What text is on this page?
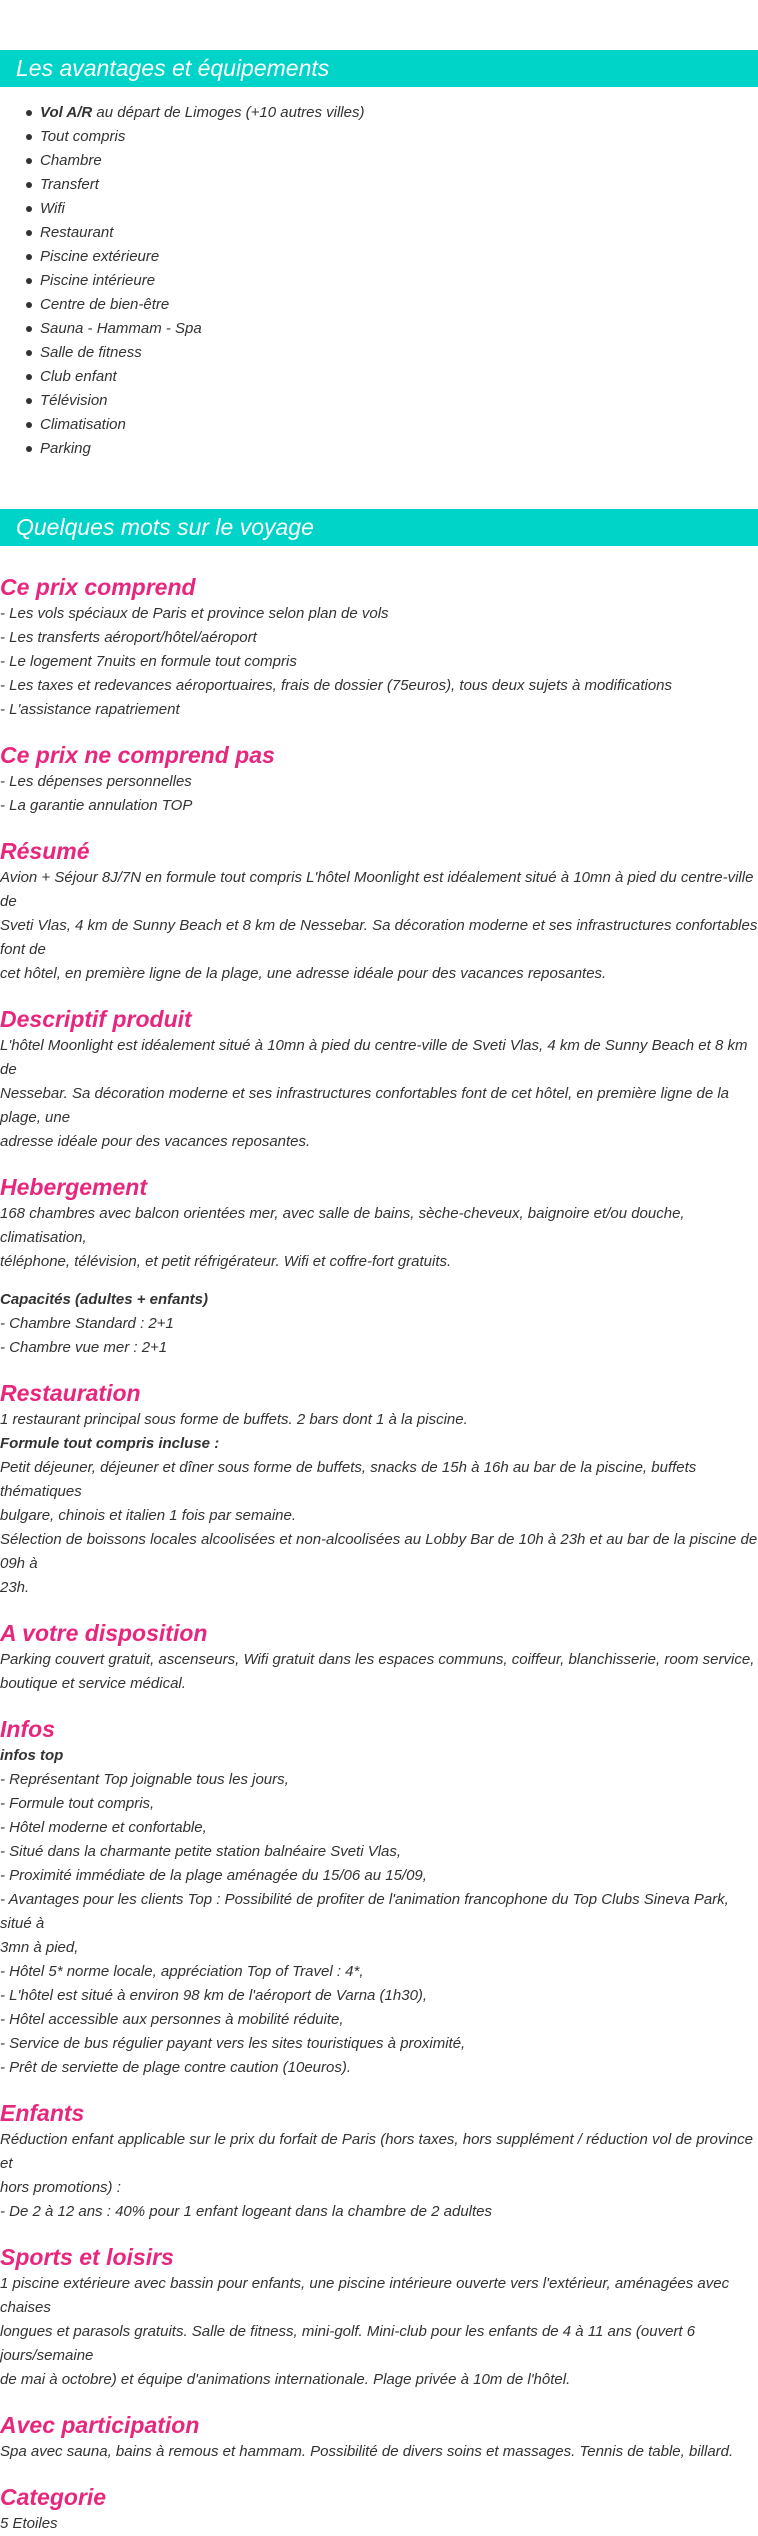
Les avantages et équipements
Vol A/R au départ de Limoges (+10 autres villes)
Tout compris
Chambre
Transfert
Wifi
Restaurant
Piscine extérieure
Piscine intérieure
Centre de bien-être
Sauna - Hammam - Spa
Salle de fitness
Club enfant
Télévision
Climatisation
Parking
Quelques mots sur le voyage
Ce prix comprend

- Les vols spéciaux de Paris et province selon plan de vols

- Les transferts aéroport/hôtel/aéroport

- Le logement 7nuits en formule tout compris

- Les taxes et redevances aéroportuaires, frais de dossier (75euros), tous deux sujets à modifications

- L'assistance rapatriement

Ce prix ne comprend pas

- Les dépenses personnelles

- La garantie annulation TOP

Résumé

Avion + Séjour 8J/7N en formule tout compris L'hôtel Moonlight est idéalement situé à 10mn à pied du centre-ville de

Sveti Vlas, 4 km de Sunny Beach et 8 km de Nessebar. Sa décoration moderne et ses infrastructures confortables font de

cet hôtel, en première ligne de la plage, une adresse idéale pour des vacances reposantes.

Descriptif produit

L'hôtel Moonlight est idéalement situé à 10mn à pied du centre-ville de Sveti Vlas, 4 km de Sunny Beach et 8 km de

Nessebar. Sa décoration moderne et ses infrastructures confortables font de cet hôtel, en première ligne de la plage, une

adresse idéale pour des vacances reposantes.

Hebergement

168 chambres avec balcon orientées mer, avec salle de bains, sèche-cheveux, baignoire et/ou douche, climatisation,

téléphone, télévision, et petit réfrigérateur. Wifi et coffre-fort gratuits.

Capacités (adultes + enfants)

- Chambre Standard : 2+1

- Chambre vue mer : 2+1

Restauration

1 restaurant principal sous forme de buffets. 2 bars dont 1 à la piscine.

Formule tout compris incluse :

Petit déjeuner, déjeuner et dîner sous forme de buffets, snacks de 15h à 16h au bar de la piscine, buffets thématiques

bulgare, chinois et italien 1 fois par semaine.

Sélection de boissons locales alcoolisées et non-alcoolisées au Lobby Bar de 10h à 23h et au bar de la piscine de 09h à

23h.

A votre disposition

Parking couvert gratuit, ascenseurs, Wifi gratuit dans les espaces communs, coiffeur, blanchisserie, room service,

boutique et service médical.

Infos

infos top

- Représentant Top joignable tous les jours,

- Formule tout compris,

- Hôtel moderne et confortable,

- Situé dans la charmante petite station balnéaire Sveti Vlas,

- Proximité immédiate de la plage aménagée du 15/06 au 15/09,

- Avantages pour les clients Top : Possibilité de profiter de l'animation francophone du Top Clubs Sineva Park, situé à

3mn à pied,

- Hôtel 5* norme locale, appréciation Top of Travel : 4*,

- L'hôtel est situé à environ 98 km de l'aéroport de Varna (1h30),

- Hôtel accessible aux personnes à mobilité réduite,

- Service de bus régulier payant vers les sites touristiques à proximité,

- Prêt de serviette de plage contre caution (10euros).

Enfants

Réduction enfant applicable sur le prix du forfait de Paris (hors taxes, hors supplément / réduction vol de province et

hors promotions) :

- De 2 à 12 ans : 40% pour 1 enfant logeant dans la chambre de 2 adultes

Sports et loisirs

1 piscine extérieure avec bassin pour enfants, une piscine intérieure ouverte vers l'extérieur, aménagées avec chaises

longues et parasols gratuits. Salle de fitness, mini-golf. Mini-club pour les enfants de 4 à 11 ans (ouvert 6 jours/semaine

de mai à octobre) et équipe d'animations internationale. Plage privée à 10m de l'hôtel.

Avec participation

Spa avec sauna, bains à remous et hammam. Possibilité de divers soins et massages. Tennis de table, billard.

Categorie

5 Etoiles
